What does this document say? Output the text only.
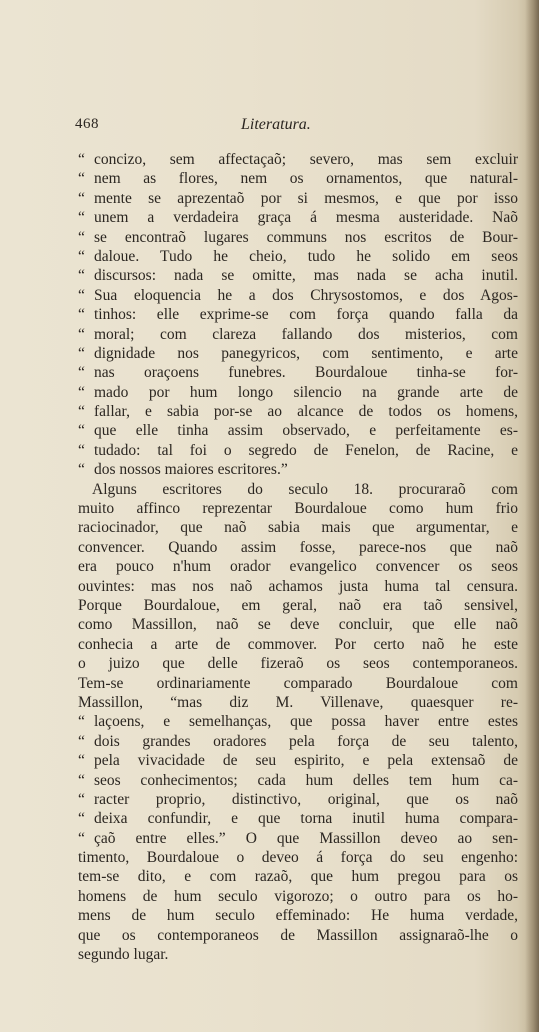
468	Literatura.
“ concizo, sem affectaçaõ; severo, mas sem excluir
“ nem as flores, nem os ornamentos, que natural-
“ mente se aprezentaõ por si mesmos, e que por isso
“ unem a verdadeira graça á mesma austeridade. Naõ
“ se encontraõ lugares communs nos escritos de Bour-
“ daloue. Tudo he cheio, tudo he solido em seos
“ discursos: nada se omitte, mas nada se acha inutil.
“ Sua eloquencia he a dos Chrysostomos, e dos Agos-
“ tinhos: elle exprime-se com força quando falla da
“ moral; com clareza fallando dos misterios, com
“ dignidade nos panegyricos, com sentimento, e arte
“ nas oraçoens funebres. Bourdaloue tinha-se for-
“ mado por hum longo silencio na grande arte de
“ fallar, e sabia por-se ao alcance de todos os homens,
“ que elle tinha assim observado, e perfeitamente es-
“ tudado: tal foi o segredo de Fenelon, de Racine, e
“ dos nossos maiores escritores.”
Alguns escritores do seculo 18. procuraraõ com
muito affinco reprezentar Bourdaloue como hum frio
raciocinador, que naõ sabia mais que argumentar, e
convencer. Quando assim fosse, parece-nos que naõ
era pouco n'hum orador evangelico convencer os seos
ouvintes: mas nos naõ achamos justa huma tal censura.
Porque Bourdaloue, em geral, naõ era taõ sensivel,
como Massillon, naõ se deve concluir, que elle naõ
conhecia a arte de commover. Por certo naõ he este
o juizo que delle fizeraõ os seos contemporaneos.
Tem-se ordinariamente comparado Bourdaloue com
Massillon, “mas diz M. Villenave, quaesquer re-
“ laçoens, e semelhanças, que possa haver entre estes
“ dois grandes oradores pela força de seu talento,
“ pela vivacidade de seu espirito, e pela extensaõ de
“ seos conhecimentos; cada hum delles tem hum ca-
“ racter proprio, distinctivo, original, que os naõ
“ deixa confundir, e que torna inutil huma compara-
“ çaõ entre elles.” O que Massillon deveo ao sen-
timento, Bourdaloue o deveo á força do seu engenho:
tem-se dito, e com razaõ, que hum pregou para os
homens de hum seculo vigorozo; o outro para os ho-
mens de hum seculo effeminado: He huma verdade,
que os contemporaneos de Massillon assignaraõ-lhe o
segundo lugar.
